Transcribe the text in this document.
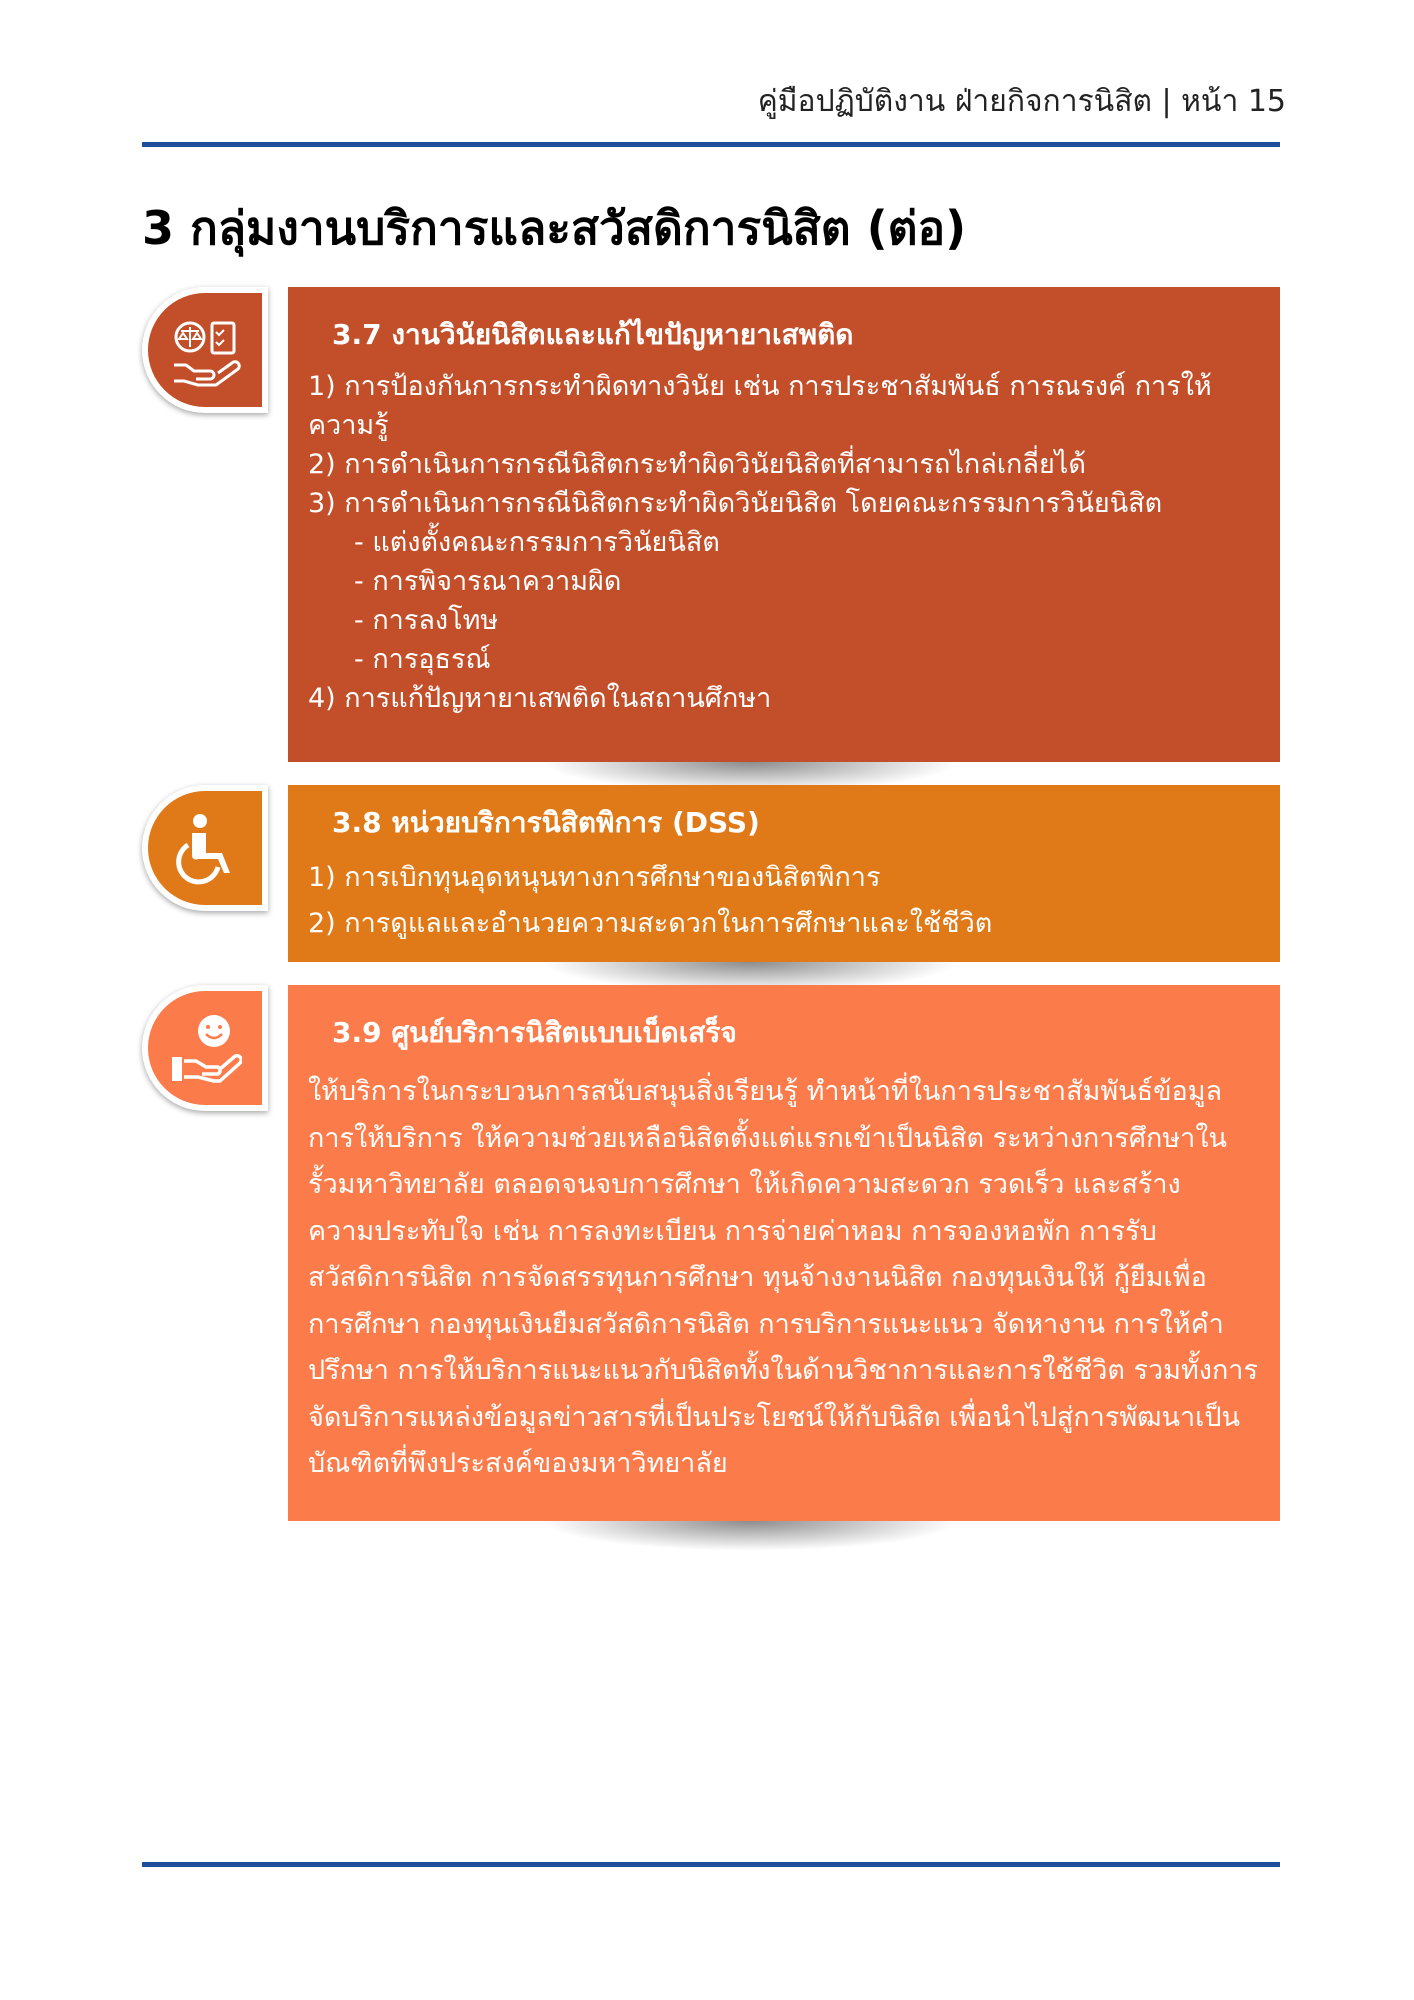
คู่มือปฏิบัติงาน ฝ่ายกิจการนิสิต | หน้า 15
3 กลุ่มงานบริการและสวัสดิการนิสิต (ต่อ)
3.7 งานวินัยนิสิตและแก้ไขปัญหายาเสพติด
1) การป้องกันการกระทำผิดทางวินัย เช่น การประชาสัมพันธ์ การณรงค์ การให้
ความรู้
2) การดำเนินการกรณีนิสิตกระทำผิดวินัยนิสิตที่สามารถไกล่เกลี่ยได้
3) การดำเนินการกรณีนิสิตกระทำผิดวินัยนิสิต โดยคณะกรรมการวินัยนิสิต
- แต่งตั้งคณะกรรมการวินัยนิสิต
- การพิจารณาความผิด
- การลงโทษ
- การอุธรณ์
4) การแก้ปัญหายาเสพติดในสถานศึกษา
3.8 หน่วยบริการนิสิตพิการ (DSS)
1) การเบิกทุนอุดหนุนทางการศึกษาของนิสิตพิการ
2) การดูแลและอำนวยความสะดวกในการศึกษาและใช้ชีวิต
3.9 ศูนย์บริการนิสิตแบบเบ็ดเสร็จ
ให้บริการในกระบวนการสนับสนุนสิ่งเรียนรู้ ทำหน้าที่ในการประชาสัมพันธ์ข้อมูล
การให้บริการ ให้ความช่วยเหลือนิสิตตั้งแต่แรกเข้าเป็นนิสิต ระหว่างการศึกษาใน
รั้วมหาวิทยาลัย ตลอดจนจบการศึกษา ให้เกิดความสะดวก รวดเร็ว และสร้าง
ความประทับใจ เช่น การลงทะเบียน การจ่ายค่าหอม การจองหอพัก การรับ
สวัสดิการนิสิต การจัดสรรทุนการศึกษา ทุนจ้างงานนิสิต กองทุนเงินให้ กู้ยืมเพื่อ
การศึกษา กองทุนเงินยืมสวัสดิการนิสิต การบริการแนะแนว จัดหางาน การให้คำ
ปรึกษา การให้บริการแนะแนวกับนิสิตทั้งในด้านวิชาการและการใช้ชีวิต รวมทั้งการ
จัดบริการแหล่งข้อมูลข่าวสารที่เป็นประโยชน์ให้กับนิสิต เพื่อนำไปสู่การพัฒนาเป็น
บัณฑิตที่พึงประสงค์ของมหาวิทยาลัย
